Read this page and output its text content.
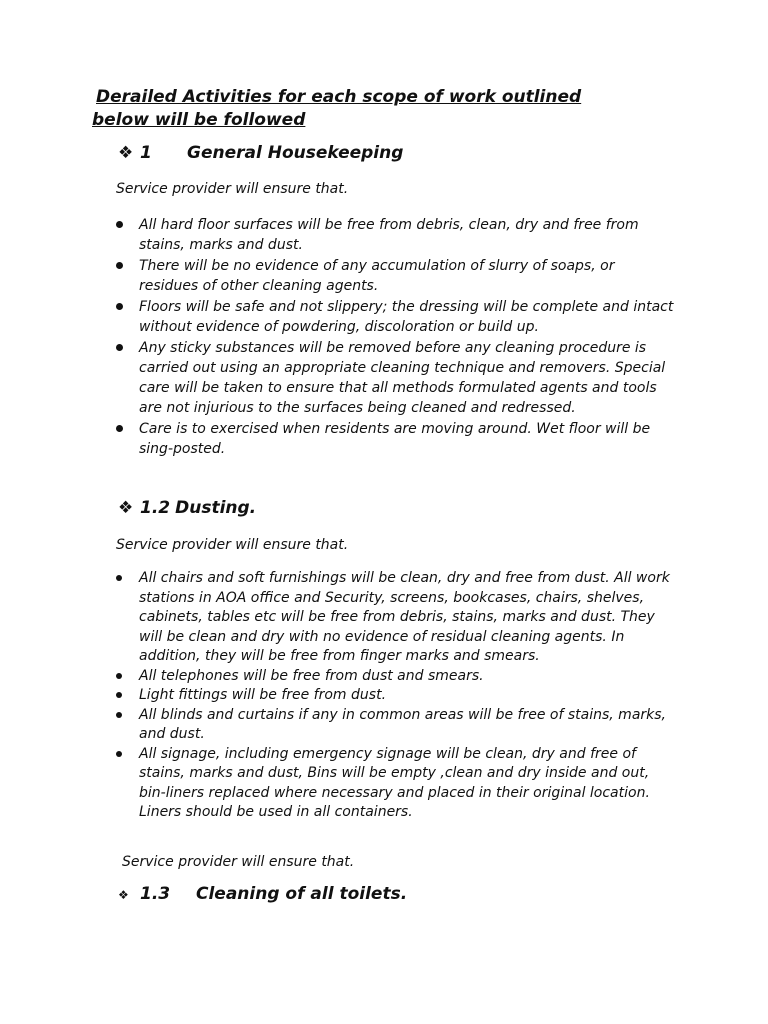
Derailed Activities for each scope of work outlined
below will be followed
❖ 1 General Housekeeping

Service provider will ensure that.

All hard floor surfaces will be free from debris, clean, dry and free from stains, marks and dust.
There will be no evidence of any accumulation of slurry of soaps, or residues of other cleaning agents.
Floors will be safe and not slippery; the dressing will be complete and intact without evidence of powdering, discoloration or build up.
Any sticky substances will be removed before any cleaning procedure is carried out using an appropriate cleaning technique and removers. Special care will be taken to ensure that all methods formulated agents and tools are not injurious to the surfaces being cleaned and redressed.
Care is to exercised when residents are moving around. Wet floor will be sing-posted.
❖ 1.2 Dusting.

Service provider will ensure that.

All chairs and soft furnishings will be clean, dry and free from dust. All work stations in AOA office and Security, screens, bookcases, chairs, shelves, cabinets, tables etc will be free from debris, stains, marks and dust. They will be clean and dry with no evidence of residual cleaning agents. In addition, they will be free from finger marks and smears.
All telephones will be free from dust and smears.
Light fittings will be free from dust.
All blinds and curtains if any in common areas will be free of stains, marks, and dust.
All signage, including emergency signage will be clean, dry and free of stains, marks and dust, Bins will be empty ,clean and dry inside and out, bin-liners replaced where necessary and placed in their original location. Liners should be used in all containers.

Service provider will ensure that.

❖ 1.3 Cleaning of all toilets.
